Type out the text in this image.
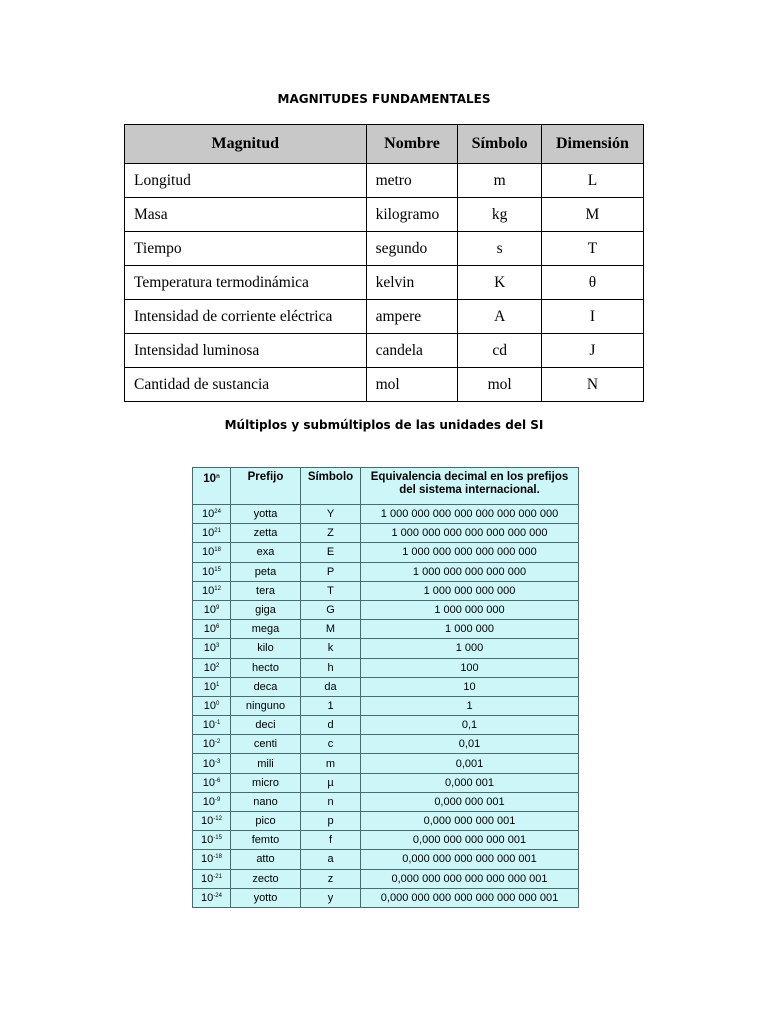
MAGNITUDES FUNDAMENTALES
Magnitud	Nombre	Símbolo	Dimensión
Longitud	metro	m	L
Masa	kilogramo	kg	M
Tiempo	segundo	s	T
Temperatura termodinámica	kelvin	K	θ
Intensidad de corriente eléctrica	ampere	A	I
Intensidad luminosa	candela	cd	J
Cantidad de sustancia	mol	mol	N
Múltiplos y submúltiplos de las unidades del SI
10$^n$	Prefijo	Símbolo	Equivalencia decimal en los prefijos del sistema internacional.
$10^{24}$	yotta	Y	1 000 000 000 000 000 000 000 000
$10^{21}$	zetta	Z	1 000 000 000 000 000 000 000
$10^{18}$	exa	E	1 000 000 000 000 000 000
$10^{15}$	peta	P	1 000 000 000 000 000
$10^{12}$	tera	T	1 000 000 000 000
$10^9$	giga	G	1 000 000 000
$10^6$	mega	M	1 000 000
$10^3$	kilo	k	1 000
$10^2$	hecto	h	100
$10^1$	deca	da	10
$10^0$	ninguno	1	1
$10^{-1}$	deci	d	0,1
$10^{-2}$	centi	c	0,01
$10^{-3}$	mili	m	0,001
$10^{-6}$	micro	µ	0,000 001
$10^{-9}$	nano	n	0,000 000 001
$10^{-12}$	pico	p	0,000 000 000 001
$10^{-15}$	femto	f	0,000 000 000 000 001
$10^{-18}$	atto	a	0,000 000 000 000 000 001
$10^{-21}$	zecto	z	0,000 000 000 000 000 000 001
$10^{-24}$	yotto	y	0,000 000 000 000 000 000 000 001
